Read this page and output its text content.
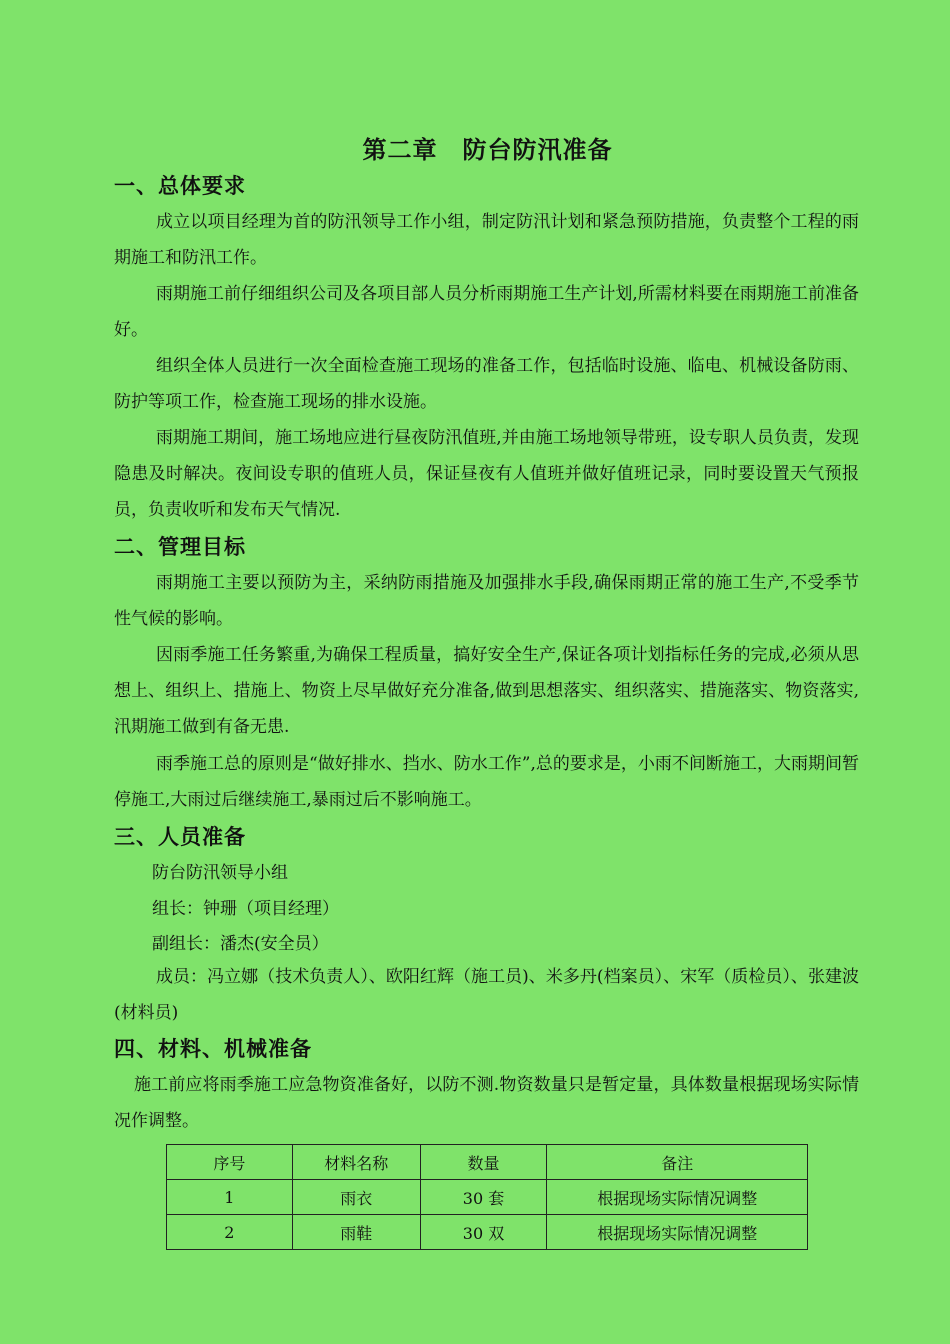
第二章　防台防汛准备
一、总体要求
成立以项目经理为首的防汛领导工作小组，制定防汛计划和紧急预防措施，负责整个工程的雨期施工和防汛工作。
雨期施工前仔细组织公司及各项目部人员分析雨期施工生产计划,所需材料要在雨期施工前准备好。
组织全体人员进行一次全面检查施工现场的准备工作，包括临时设施、临电、机械设备防雨、防护等项工作，检查施工现场的排水设施。
雨期施工期间，施工场地应进行昼夜防汛值班,并由施工场地领导带班，设专职人员负责，发现隐患及时解决。夜间设专职的值班人员，保证昼夜有人值班并做好值班记录，同时要设置天气预报员，负责收听和发布天气情况.
二、管理目标
雨期施工主要以预防为主，采纳防雨措施及加强排水手段,确保雨期正常的施工生产,不受季节性气候的影响。
因雨季施工任务繁重,为确保工程质量，搞好安全生产,保证各项计划指标任务的完成,必须从思想上、组织上、措施上、物资上尽早做好充分准备,做到思想落实、组织落实、措施落实、物资落实,汛期施工做到有备无患.
雨季施工总的原则是“做好排水、挡水、防水工作”,总的要求是，小雨不间断施工，大雨期间暂停施工,大雨过后继续施工,暴雨过后不影响施工。
三、人员准备
防台防汛领导小组
组长：钟珊（项目经理）
副组长：潘杰(安全员）
成员：冯立娜（技术负责人）、欧阳红辉（施工员)、米多丹(档案员）、宋军（质检员）、张建波(材料员)
四、材料、机械准备
施工前应将雨季施工应急物资准备好，以防不测.物资数量只是暂定量，具体数量根据现场实际情况作调整。
序号	材料名称	数量	备注
1	雨衣	30 套	根据现场实际情况调整
2	雨鞋	30 双	根据现场实际情况调整
